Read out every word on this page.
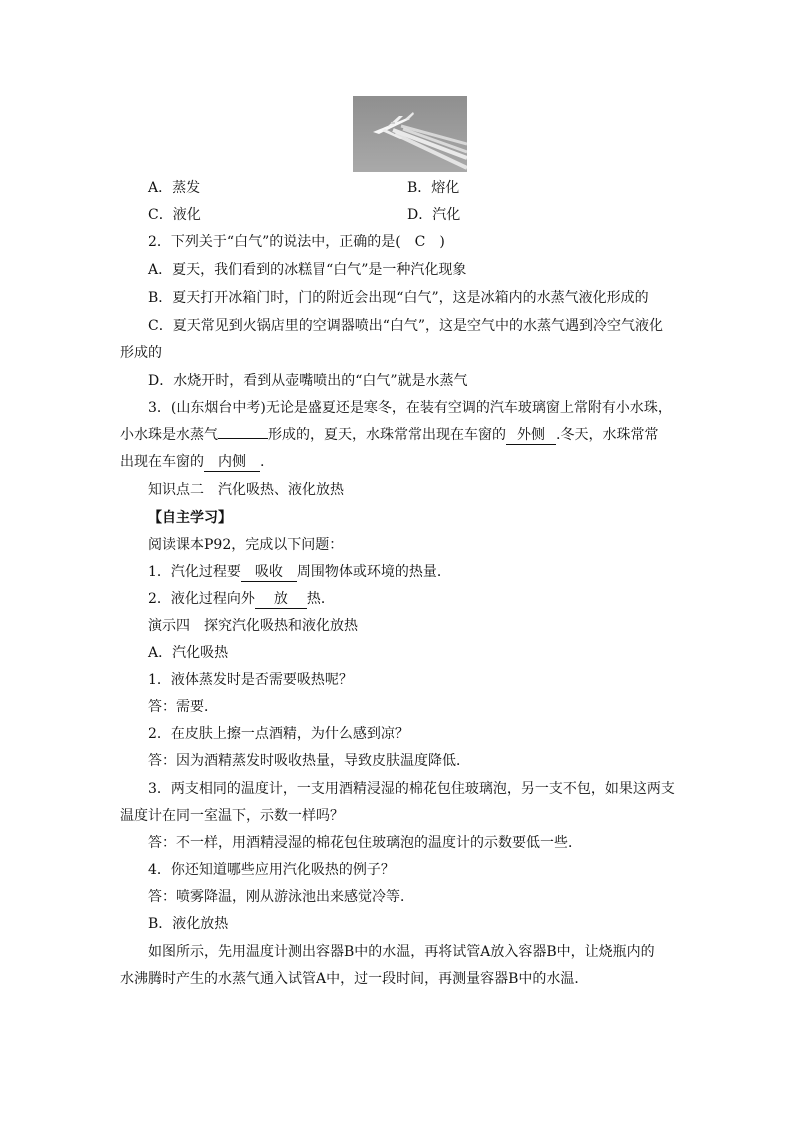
A．蒸发	B．熔化
C．液化	D．汽化
2．下列关于“白气”的说法中，正确的是(　C　)
A．夏天，我们看到的冰糕冒“白气”是一种汽化现象
B．夏天打开冰箱门时，门的附近会出现“白气”，这是冰箱内的水蒸气液化形成的
C．夏天常见到火锅店里的空调器喷出“白气”，这是空气中的水蒸气遇到冷空气液化
形成的
D．水烧开时，看到从壶嘴喷出的“白气”就是水蒸气
3．(山东烟台中考)无论是盛夏还是寒冬，在装有空调的汽车玻璃窗上常附有小水珠，
小水珠是水蒸气	形成的，夏天，水珠常常出现在车窗的 外侧 .冬天，水珠常常
出现在车窗的 内侧 .
知识点二　汽化吸热、液化放热
【自主学习】
阅读课本P92，完成以下问题：
1．汽化过程要 吸收 周围物体或环境的热量．
2．液化过程向外 放 热．
演示四　探究汽化吸热和液化放热
A．汽化吸热
1．液体蒸发时是否需要吸热呢？
答：需要．
2．在皮肤上擦一点酒精，为什么感到凉？
答：因为酒精蒸发时吸收热量，导致皮肤温度降低．
3．两支相同的温度计，一支用酒精浸湿的棉花包住玻璃泡，另一支不包，如果这两支
温度计在同一室温下，示数一样吗？
答：不一样，用酒精浸湿的棉花包住玻璃泡的温度计的示数要低一些．
4．你还知道哪些应用汽化吸热的例子？
答：喷雾降温，刚从游泳池出来感觉冷等．
B．液化放热
如图所示，先用温度计测出容器B中的水温，再将试管A放入容器B中，让烧瓶内的
水沸腾时产生的水蒸气通入试管A中，过一段时间，再测量容器B中的水温．
